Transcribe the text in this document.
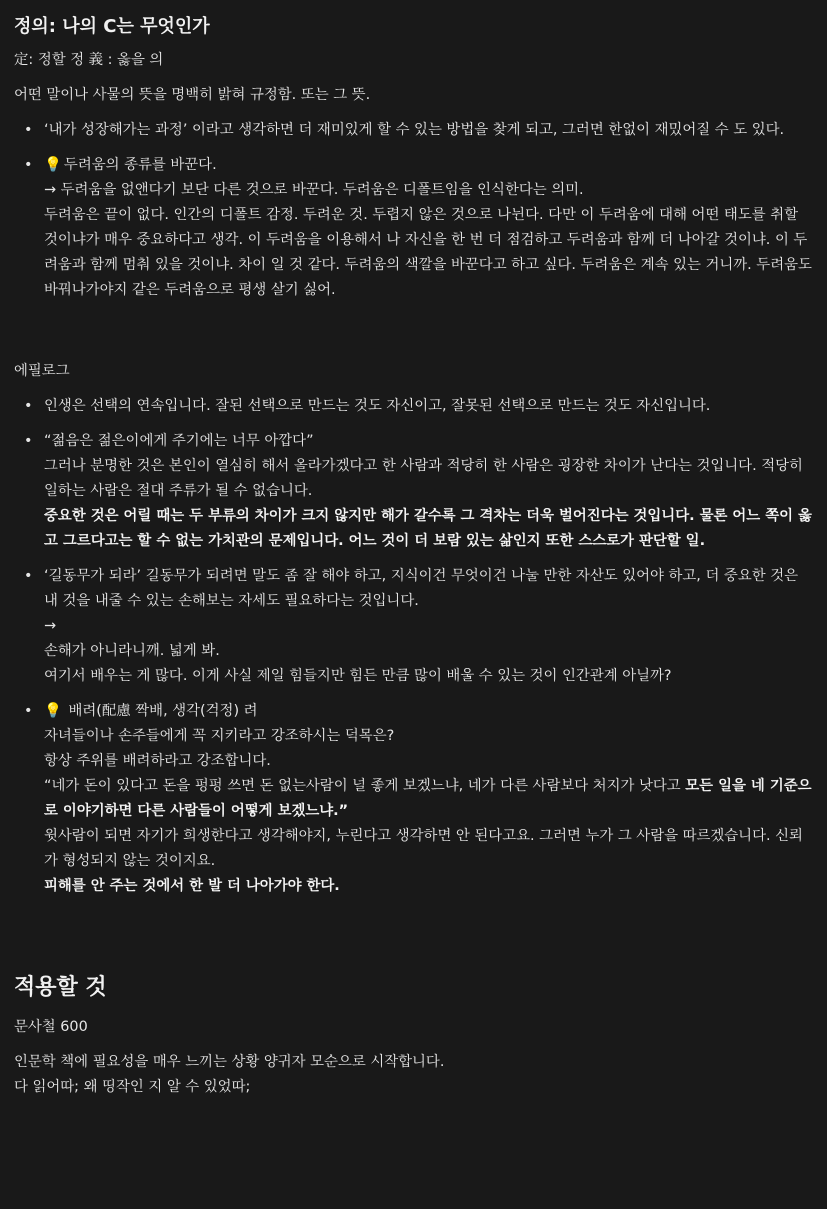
정의: 나의 C는 무엇인가
定: 정할 정 義 : 옳을 의
어떤 말이나 사물의 뜻을 명백히 밝혀 규정함. 또는 그 뜻.
• ‘내가 성장해가는 과정’ 이라고 생각하면 더 재미있게 할 수 있는 방법을 찾게 되고, 그러면 한없이 재밌어질 수 도 있다.
• 💡 두려움의 종류를 바꾼다.
→ 두려움을 없앤다기 보단 다른 것으로 바꾼다. 두려움은 디폴트임을 인식한다는 의미.
두려움은 끝이 없다. 인간의 디폴트 감정. 두려운 것. 두렵지 않은 것으로 나뉜다. 다만 이 두려움에 대해 어떤 태도를 취할 것이냐가 매우 중요하다고 생각. 이 두려움을 이용해서 나 자신을 한 번 더 점검하고 두려움과 함께 더 나아갈 것이냐. 이 두려움과 함께 멈춰 있을 것이냐. 차이 일 것 같다. 두려움의 색깔을 바꾼다고 하고 싶다. 두려움은 계속 있는 거니까. 두려움도 바꿔나가야지 같은 두려움으로 평생 살기 싫어.
에필로그
• 인생은 선택의 연속입니다. 잘된 선택으로 만드는 것도 자신이고, 잘못된 선택으로 만드는 것도 자신입니다.
• “젊음은 젊은이에게 주기에는 너무 아깝다”
그러나 분명한 것은 본인이 열심히 해서 올라가겠다고 한 사람과 적당히 한 사람은 굉장한 차이가 난다는 것입니다. 적당히 일하는 사람은 절대 주류가 될 수 없습니다.
중요한 것은 어릴 때는 두 부류의 차이가 크지 않지만 해가 갈수록 그 격차는 더욱 벌어진다는 것입니다. 물론 어느 쪽이 옳고 그르다고는 할 수 없는 가치관의 문제입니다. 어느 것이 더 보람 있는 삶인지 또한 스스로가 판단할 일.
• ‘길동무가 되라’ 길동무가 되려면 말도 좀 잘 해야 하고, 지식이건 무엇이건 나눌 만한 자산도 있어야 하고, 더 중요한 것은 내 것을 내줄 수 있는 손해보는 자세도 필요하다는 것입니다.
→
손해가 아니라니깨. 넓게 봐.
여기서 배우는 게 많다. 이게 사실 제일 힘들지만 힘든 만큼 많이 배울 수 있는 것이 인간관계 아닐까?
• 💡 배려(配慮 짝배, 생각(걱정) 려
자녀들이나 손주들에게 꼭 지키라고 강조하시는 덕목은?
항상 주위를 배려하라고 강조합니다.
“네가 돈이 있다고 돈을 펑펑 쓰면 돈 없는사람이 널 좋게 보겠느냐, 네가 다른 사람보다 처지가 낫다고 모든 일을 네 기준으로 이야기하면 다른 사람들이 어떻게 보겠느냐.”
윗사람이 되면 자기가 희생한다고 생각해야지, 누린다고 생각하면 안 된다고요. 그러면 누가 그 사람을 따르겠습니다. 신뢰가 형성되지 않는 것이지요.
피해를 안 주는 것에서 한 발 더 나아가야 한다.
적용할 것
문사철 600
인문학 책에 필요성을 매우 느끼는 상황 양귀자 모순으로 시작합니다.
다 읽어따; 왜 띵작인 지 알 수 있었따;
